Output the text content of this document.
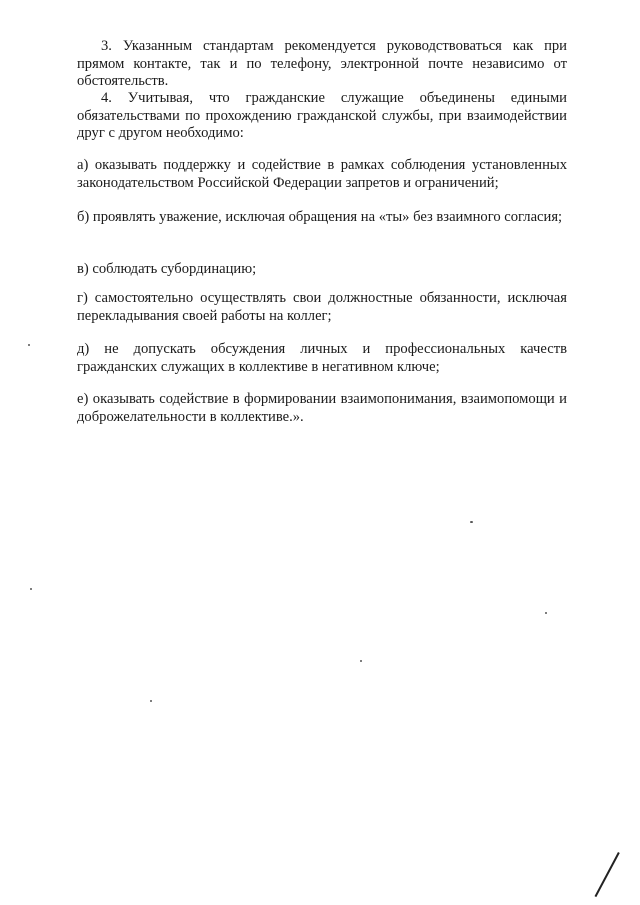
3. Указанным стандартам рекомендуется руководствоваться как при прямом контакте, так и по телефону, электронной почте независимо от обстоятельств.

4. Учитывая, что гражданские служащие объединены едиными обязательствами по прохождению гражданской службы, при взаимодействии друг с другом необходимо:

а) оказывать поддержку и содействие в рамках соблюдения установленных законодательством Российской Федерации запретов и ограничений;

б) проявлять уважение, исключая обращения на «ты» без взаимного согласия;

в) соблюдать субординацию;

г) самостоятельно осуществлять свои должностные обязанности, исключая перекладывания своей работы на коллег;

д) не допускать обсуждения личных и профессиональных качеств гражданских служащих в коллективе в негативном ключе;

е) оказывать содействие в формировании взаимопонимания, взаимопомощи и доброжелательности в коллективе.».
